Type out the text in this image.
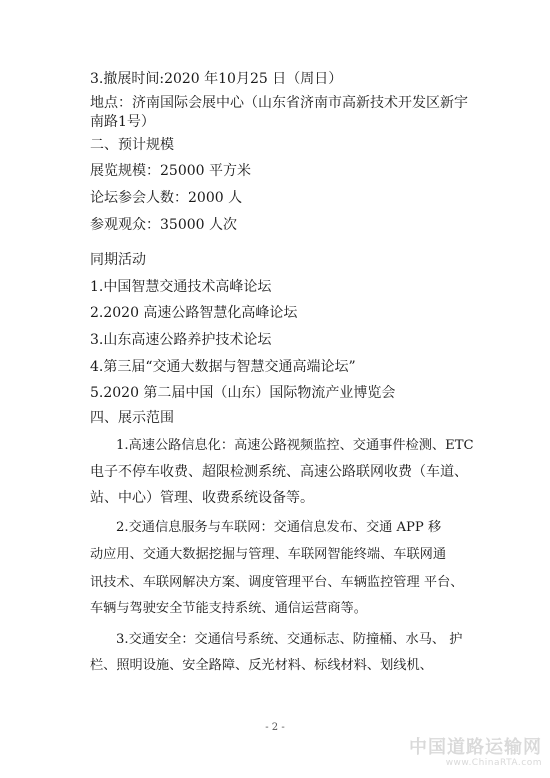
3.撤展时间:2020 年10月25 日（周日）
地点：济南国际会展中心（山东省济南市高新技术开发区新宇
南路1号）
二、预计规模
展览规模：25000 平方米
论坛参会人数：2000 人
参观观众：35000 人次
同期活动
1.中国智慧交通技术高峰论坛
2.2020 高速公路智慧化高峰论坛
3.山东高速公路养护技术论坛
4.第三届“交通大数据与智慧交通高端论坛”
5.2020 第二届中国（山东）国际物流产业博览会
四、展示范围
1.高速公路信息化：高速公路视频监控、交通事件检测、ETC
电子不停车收费、超限检测系统、高速公路联网收费（车道、
站、中心）管理、收费系统设备等。
2.交通信息服务与车联网：交通信息发布、交通 APP 移
动应用、交通大数据挖掘与管理、车联网智能终端、车联网通
讯技术、车联网解决方案、调度管理平台、车辆监控管理 平台、
车辆与驾驶安全节能支持系统、通信运营商等。
3.交通安全：交通信号系统、交通标志、防撞桶、水马、 护
栏、照明设施、安全路障、反光材料、标线材料、划线机、
- 2 -
中国道路运输网
www.ChinaRTA.com
